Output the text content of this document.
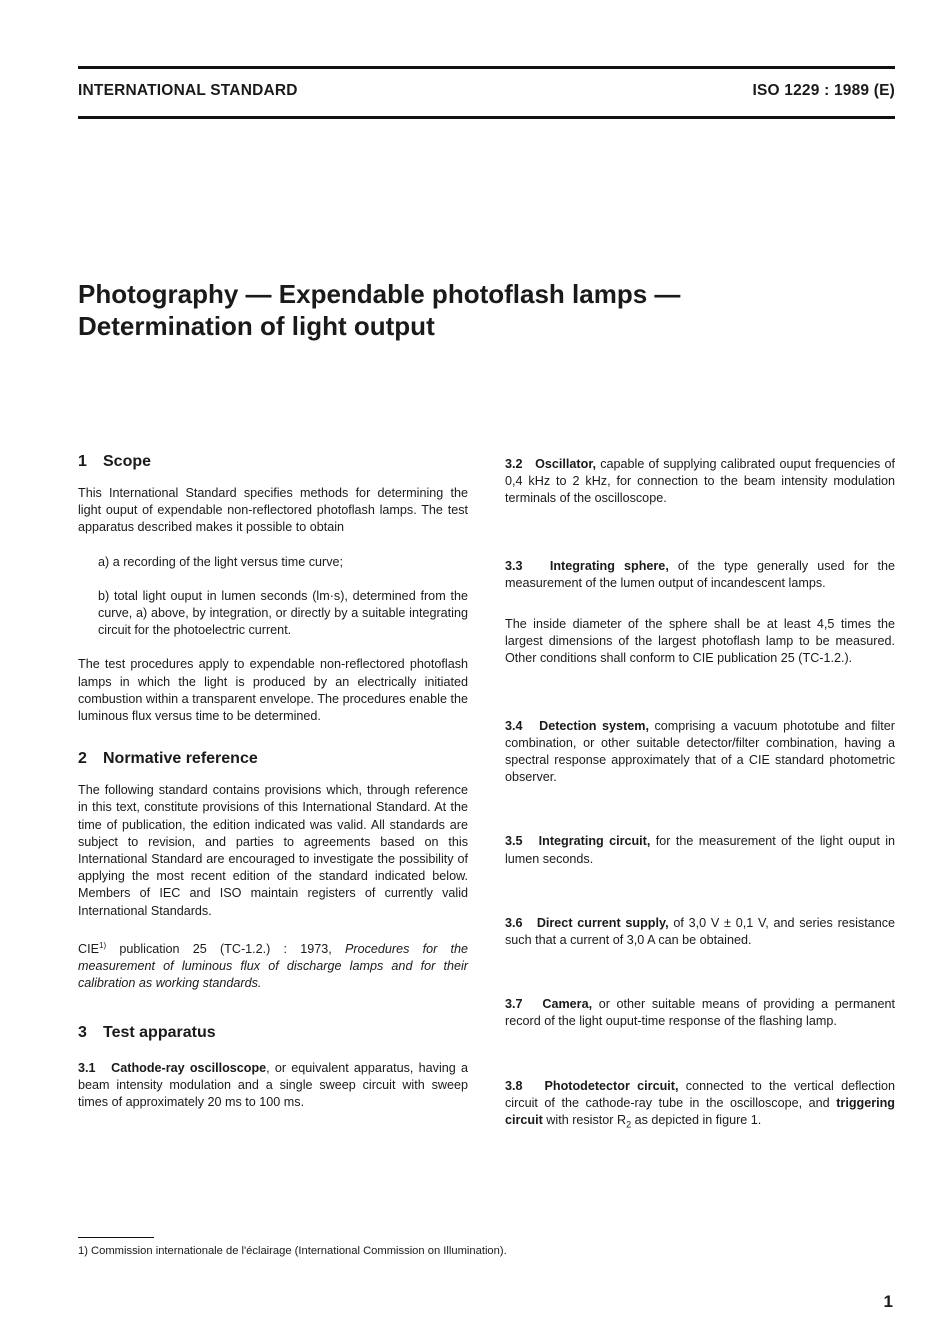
INTERNATIONAL STANDARD	ISO 1229 : 1989 (E)
Photography — Expendable photoflash lamps —
Determination of light output
1 Scope

This International Standard specifies methods for determining the light ouput of expendable non-reflectored photoflash lamps. The test apparatus described makes it possible to obtain

a) a recording of the light versus time curve;

b) total light ouput in lumen seconds (lm·s), determined from the curve, a) above, by integration, or directly by a suitable integrating circuit for the photoelectric current.

The test procedures apply to expendable non-reflectored photoflash lamps in which the light is produced by an electrically initiated combustion within a transparent envelope. The procedures enable the luminous flux versus time to be determined.

2 Normative reference

The following standard contains provisions which, through reference in this text, constitute provisions of this International Standard. At the time of publication, the edition indicated was valid. All standards are subject to revision, and parties to agreements based on this International Standard are encouraged to investigate the possibility of applying the most recent edition of the standard indicated below. Members of IEC and ISO maintain registers of currently valid International Standards.

CIE$^{1)}$ publication 25 (TC-1.2.) : 1973, Procedures for the measurement of luminous flux of discharge lamps and for their calibration as working standards.

3 Test apparatus

3.1 Cathode-ray oscilloscope, or equivalent apparatus, having a beam intensity modulation and a single sweep circuit with sweep times of approximately 20 ms to 100 ms.

3.2 Oscillator, capable of supplying calibrated ouput frequencies of 0,4 kHz to 2 kHz, for connection to the beam intensity modulation terminals of the oscilloscope.

3.3 Integrating sphere, of the type generally used for the measurement of the lumen output of incandescent lamps.

The inside diameter of the sphere shall be at least 4,5 times the largest dimensions of the largest photoflash lamp to be measured. Other conditions shall conform to CIE publication 25 (TC-1.2.).

3.4 Detection system, comprising a vacuum phototube and filter combination, or other suitable detector/filter combination, having a spectral response approximately that of a CIE standard photometric observer.

3.5 Integrating circuit, for the measurement of the light ouput in lumen seconds.

3.6 Direct current supply, of 3,0 V ± 0,1 V, and series resistance such that a current of 3,0 A can be obtained.

3.7 Camera, or other suitable means of providing a permanent record of the light ouput-time response of the flashing lamp.

3.8 Photodetector circuit, connected to the vertical deflection circuit of the cathode-ray tube in the oscilloscope, and triggering circuit with resistor $R_2$ as depicted in figure 1.

1) Commission internationale de l'éclairage (International Commission on Illumination).
1
